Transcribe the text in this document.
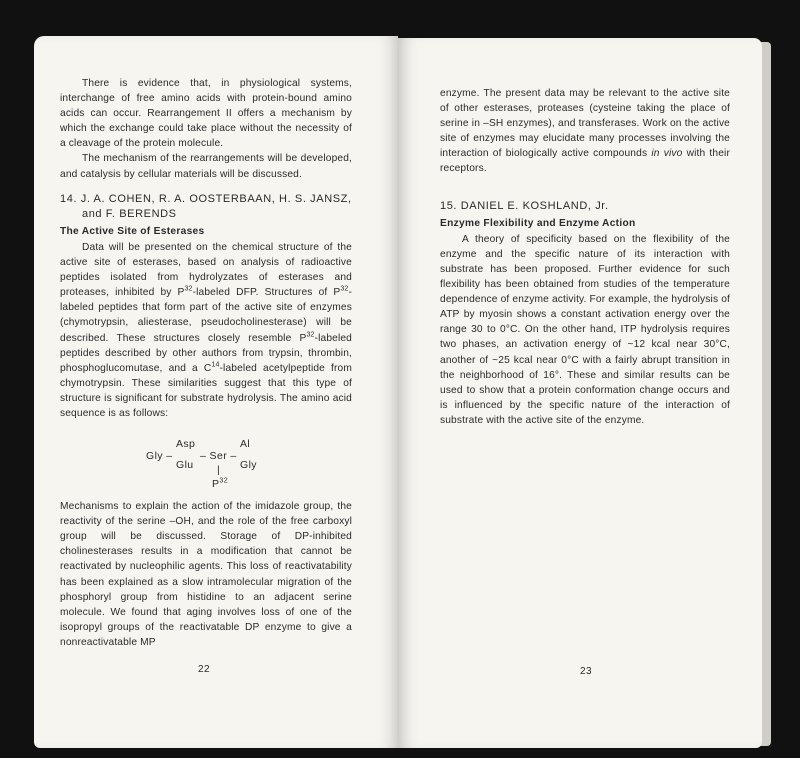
There is evidence that, in physiological systems, interchange of free amino acids with protein-bound amino acids can occur. Rearrangement II offers a mechanism by which the exchange could take place without the necessity of a cleavage of the protein molecule.

The mechanism of the rearrangements will be developed, and catalysis by cellular materials will be discussed.

14. J. A. COHEN, R. A. OOSTERBAAN, H. S. JANSZ, and F. BERENDS
The Active Site of Esterases

Data will be presented on the chemical structure of the active site of esterases, based on analysis of radioactive peptides isolated from hydrolyzates of esterases and proteases, inhibited by $P^{32}$-labeled DFP. Structures of $P^{32}$-labeled peptides that form part of the active site of enzymes (chymotrypsin, aliesterase, pseudocholinesterase) will be described. These structures closely resemble $P^{32}$-labeled peptides described by other authors from trypsin, thrombin, phosphoglucomutase, and a $C^{14}$-labeled acetylpeptide from chymotrypsin. These similarities suggest that this type of structure is significant for substrate hydrolysis. The amino acid sequence is as follows:

Gly –
Asp
Glu
– Ser –
|
$P^{32}$
Al
Gly

Mechanisms to explain the action of the imidazole group, the reactivity of the serine –OH, and the role of the free carboxyl group will be discussed. Storage of DP-inhibited cholinesterases results in a modification that cannot be reactivated by nucleophilic agents. This loss of reactivatability has been explained as a slow intramolecular migration of the phosphoryl group from histidine to an adjacent serine molecule. We found that aging involves loss of one of the isopropyl groups of the reactivatable DP enzyme to give a nonreactivatable MP

22

enzyme. The present data may be relevant to the active site of other esterases, proteases (cysteine taking the place of serine in –SH enzymes), and transferases. Work on the active site of enzymes may elucidate many processes involving the interaction of biologically active compounds in vivo with their receptors.

15. DANIEL E. KOSHLAND, Jr.
Enzyme Flexibility and Enzyme Action

A theory of specificity based on the flexibility of the enzyme and the specific nature of its interaction with substrate has been proposed. Further evidence for such flexibility has been obtained from studies of the temperature dependence of enzyme activity. For example, the hydrolysis of ATP by myosin shows a constant activation energy over the range 30 to 0°C. On the other hand, ITP hydrolysis requires two phases, an activation energy of ~12 kcal near 30°C, another of ~25 kcal near 0°C with a fairly abrupt transition in the neighborhood of 16°. These and similar results can be used to show that a protein conformation change occurs and is influenced by the specific nature of the interaction of substrate with the active site of the enzyme.

23
